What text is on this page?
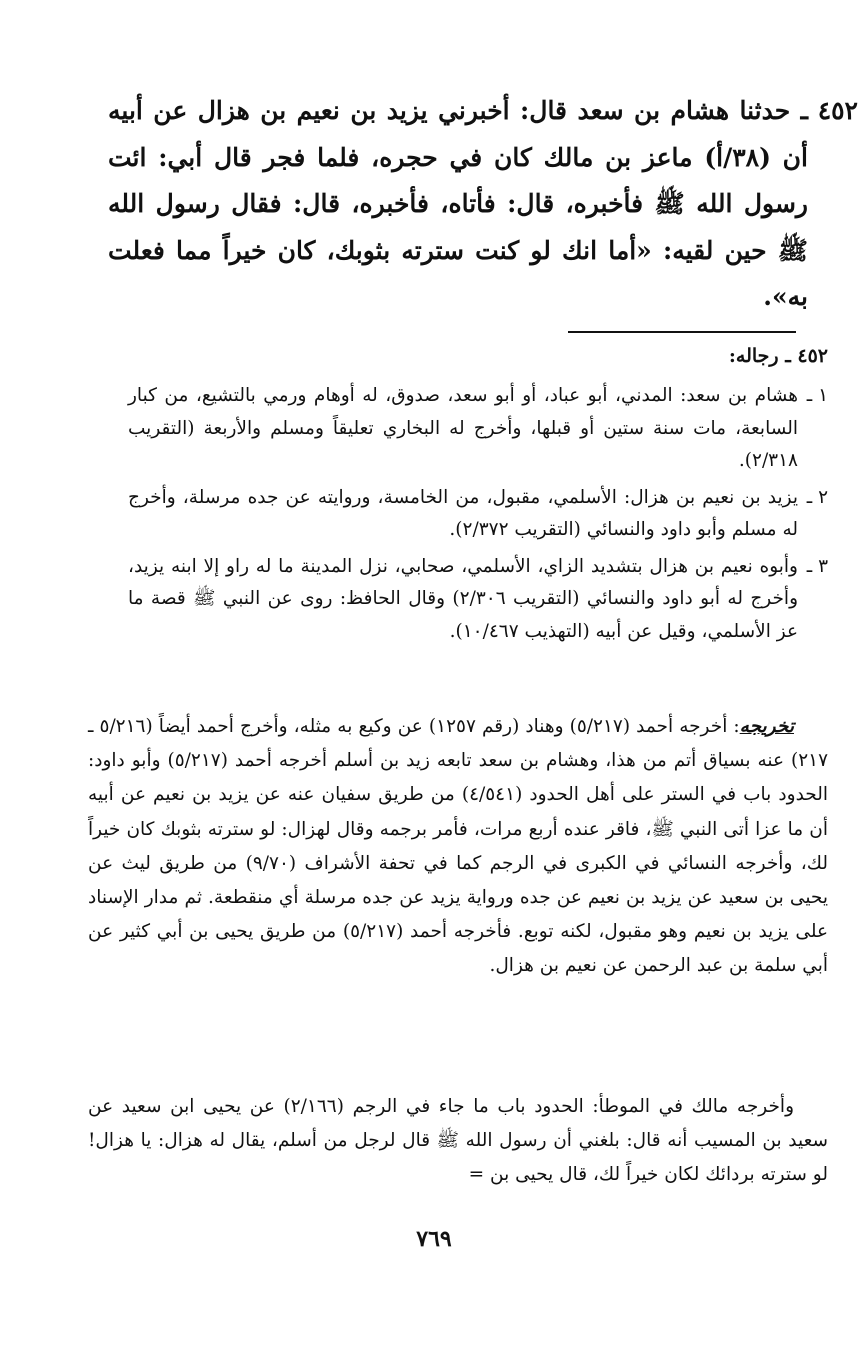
٤٥٢
ـ حدثنا هشام بن سعد قال: أخبرني يزيد بن نعيم بن هزال عن أبيه أن (٣٨/أ) ماعز بن مالك كان في حجره، فلما فجر قال أبي: ائت رسول الله ﷺ فأخبره، قال: فأتاه، فأخبره، قال: فقال رسول الله ﷺ حين لقيه: «أما انك لو كنت سترته بثوبك، كان خيراً مما فعلت به».
٤٥٢ ـ رجاله:
١ ـ
هشام بن سعد: المدني، أبو عباد، أو أبو سعد، صدوق، له أوهام ورمي بالتشيع، من كبار السابعة، مات سنة ستين أو قبلها، وأخرج له البخاري تعليقاً ومسلم والأربعة (التقريب ٢/٣١٨).
٢ ـ
يزيد بن نعيم بن هزال: الأسلمي، مقبول، من الخامسة، وروايته عن جده مرسلة، وأخرج له مسلم وأبو داود والنسائي (التقريب ٢/٣٧٢).
٣ ـ
وأبوه نعيم بن هزال بتشديد الزاي، الأسلمي، صحابي، نزل المدينة ما له راو إلا ابنه يزيد، وأخرج له أبو داود والنسائي (التقريب ٢/٣٠٦) وقال الحافظ: روى عن النبي ﷺ قصة ما عز الأسلمي، وقيل عن أبيه (التهذيب ١٠/٤٦٧).
تخريجه: أخرجه أحمد (٥/٢١٧) وهناد (رقم ١٢٥٧) عن وكيع به مثله، وأخرج أحمد أيضاً (٥/٢١٦ ـ ٢١٧) عنه بسياق أتم من هذا، وهشام بن سعد تابعه زيد بن أسلم أخرجه أحمد (٥/٢١٧) وأبو داود: الحدود باب في الستر على أهل الحدود (٤/٥٤١) من طريق سفيان عنه عن يزيد بن نعيم عن أبيه أن ما عزا أتى النبي ﷺ، فاقر عنده أربع مرات، فأمر برجمه وقال لهزال: لو سترته بثوبك كان خيراً لك، وأخرجه النسائي في الكبرى في الرجم كما في تحفة الأشراف (٩/٧٠) من طريق ليث عن يحيى بن سعيد عن يزيد بن نعيم عن جده ورواية يزيد عن جده مرسلة أي منقطعة. ثم مدار الإسناد على يزيد بن نعيم وهو مقبول، لكنه توبع. فأخرجه أحمد (٥/٢١٧) من طريق يحيى بن أبي كثير عن أبي سلمة بن عبد الرحمن عن نعيم بن هزال.
وأخرجه مالك في الموطأ: الحدود باب ما جاء في الرجم (٢/١٦٦) عن يحيى ابن سعيد عن سعيد بن المسيب أنه قال: بلغني أن رسول الله ﷺ قال لرجل من أسلم، يقال له هزال: يا هزال! لو سترته بردائك لكان خيراً لك، قال يحيى بن =
٧٦٩
